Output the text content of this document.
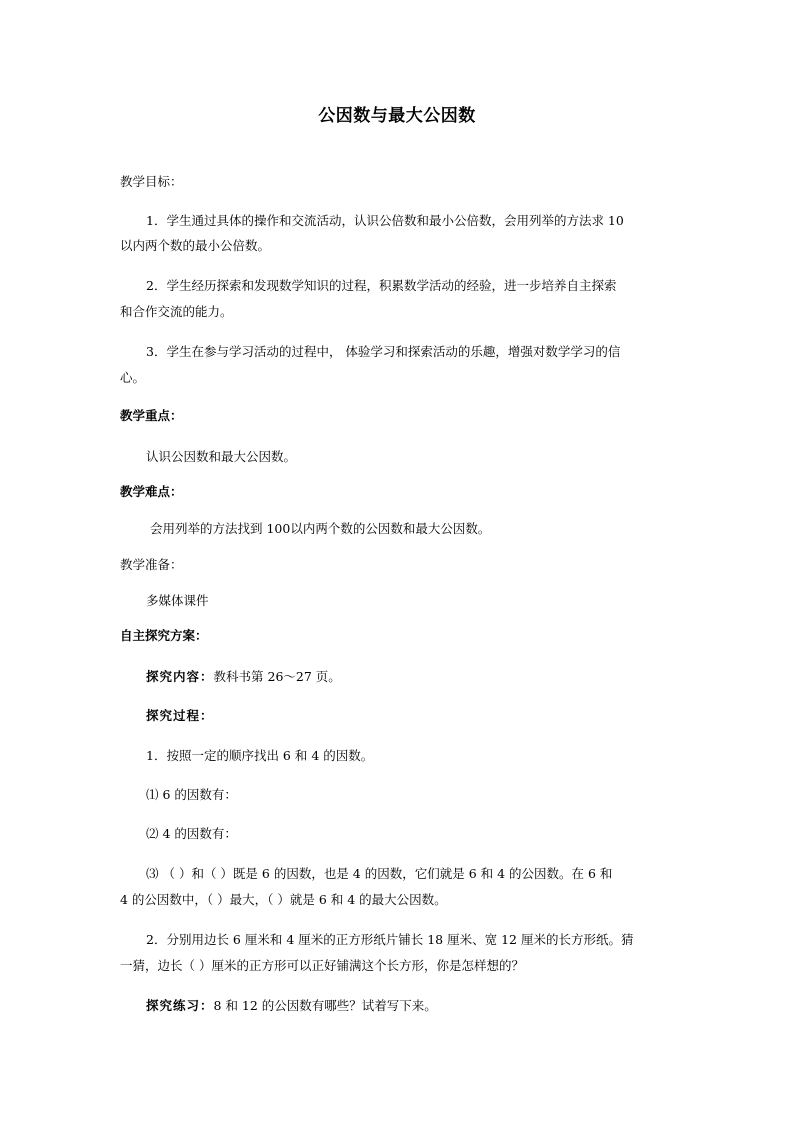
公因数与最大公因数
教学目标：
1．学生通过具体的操作和交流活动，认识公倍数和最小公倍数，会用列举的方法求 10
以内两个数的最小公倍数。
2．学生经历探索和发现数学知识的过程，积累数学活动的经验，进一步培养自主探索
和合作交流的能力。
3．学生在参与学习活动的过程中， 体验学习和探索活动的乐趣，增强对数学学习的信
心。
教学重点：
认识公因数和最大公因数。
教学难点：
会用列举的方法找到 100以内两个数的公因数和最大公因数。
教学准备：
多媒体课件
自主探究方案：
探究内容：教科书第 26～27 页。
探究过程：
1．按照一定的顺序找出 6 和 4 的因数。
⑴ 6 的因数有：
⑵ 4 的因数有：
⑶ （ ）和（ ）既是 6 的因数，也是 4 的因数，它们就是 6 和 4 的公因数。在 6 和
4 的公因数中，（ ）最大，（ ）就是 6 和 4 的最大公因数。
2．分别用边长 6 厘米和 4 厘米的正方形纸片铺长 18 厘米、宽 12 厘米的长方形纸。猜
一猜，边长（ ）厘米的正方形可以正好铺满这个长方形，你是怎样想的？
探究练习：8 和 12 的公因数有哪些？试着写下来。
